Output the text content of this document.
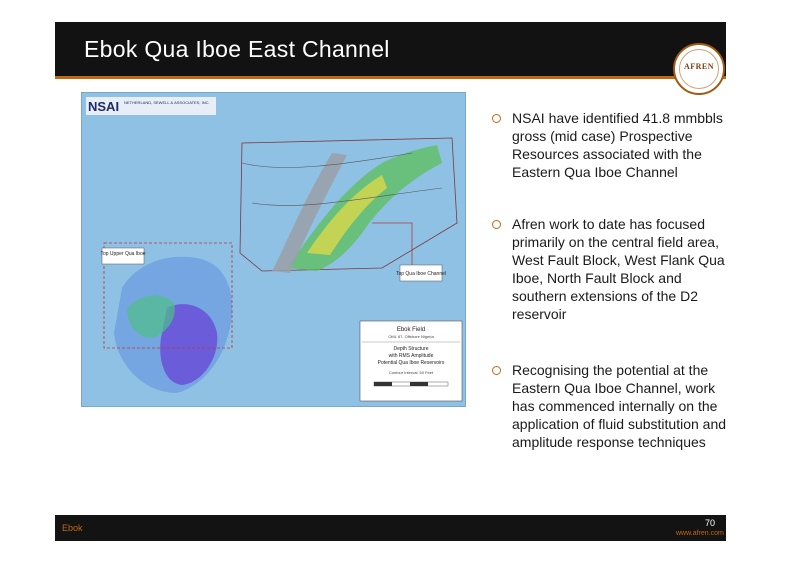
Ebok Qua Iboe East Channel
AFREN
NSAI NETHERLAND, SEWELL & ASSOCIATES, INC.
Top Upper Qua Iboe
Top Qua Iboe Channel
Ebok Field
OML 67, Offshore Nigeria
Depth Structure
with RMS Amplitude
Potential Qua Iboe Reservoirs
Contour Interval: 50 Feet
NSAI have identified 41.8 mmbbls gross (mid case) Prospective Resources associated with the Eastern Qua Iboe Channel
Afren work to date has focused primarily on the central field area, West Fault Block, West Flank Qua Iboe, North Fault Block and southern extensions of the D2 reservoir
Recognising the potential at the Eastern Qua Iboe Channel, work has commenced internally on the application of fluid substitution and amplitude response techniques
Ebok	70
www.afren.com
